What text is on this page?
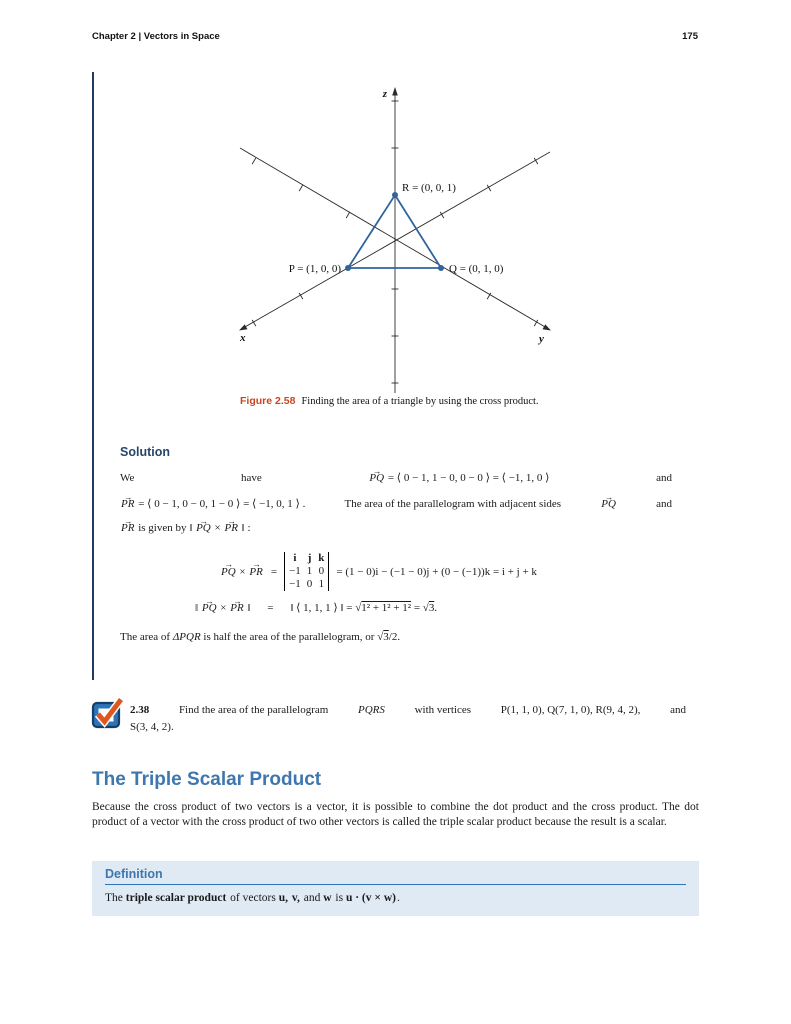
Chapter 2 | Vectors in Space	175
z
x	y
R = (0, 0, 1)
P = (1, 0, 0)	Q = (0, 1, 0)
Figure 2.58 Finding the area of a triangle by using the cross product.
Solution
We	have	PQ → = ⟨ 0 − 1, 1 − 0, 0 − 0 ⟩ = ⟨ −1, 1, 0 ⟩	and
PR → = ⟨ 0 − 1, 0 − 0, 1 − 0 ⟩ = ⟨ −1, 0, 1 ⟩ .	The area of the parallelogram with adjacent sides	PQ →	and
PR → is given by ‖ PQ → × PR → ‖ :
PQ → × PR → =
i	j k
−1 1 0
−1 0 1
= (1 − 0)i − (−1 − 0)j + (0 − (−1))k = i + j + k
‖ PQ → × PR → ‖ = ‖ ⟨ 1, 1, 1 ⟩ ‖ = √1² + 1² + 1² = √3.
The area of ΔPQR is half the area of the parallelogram, or √3/2.
2.38	Find the area of the parallelogram	PQRS	with vertices	P(1, 1, 0), Q(7, 1, 0), R(9, 4, 2),	and
S(3, 4, 2).
The Triple Scalar Product
Because the cross product of two vectors is a vector, it is possible to combine the dot product and the cross product. The dot product of a vector with the cross product of two other vectors is called the triple scalar product because the result is a scalar.
Definition
The triple scalar product of vectors u, v, and w is u · (v × w).
